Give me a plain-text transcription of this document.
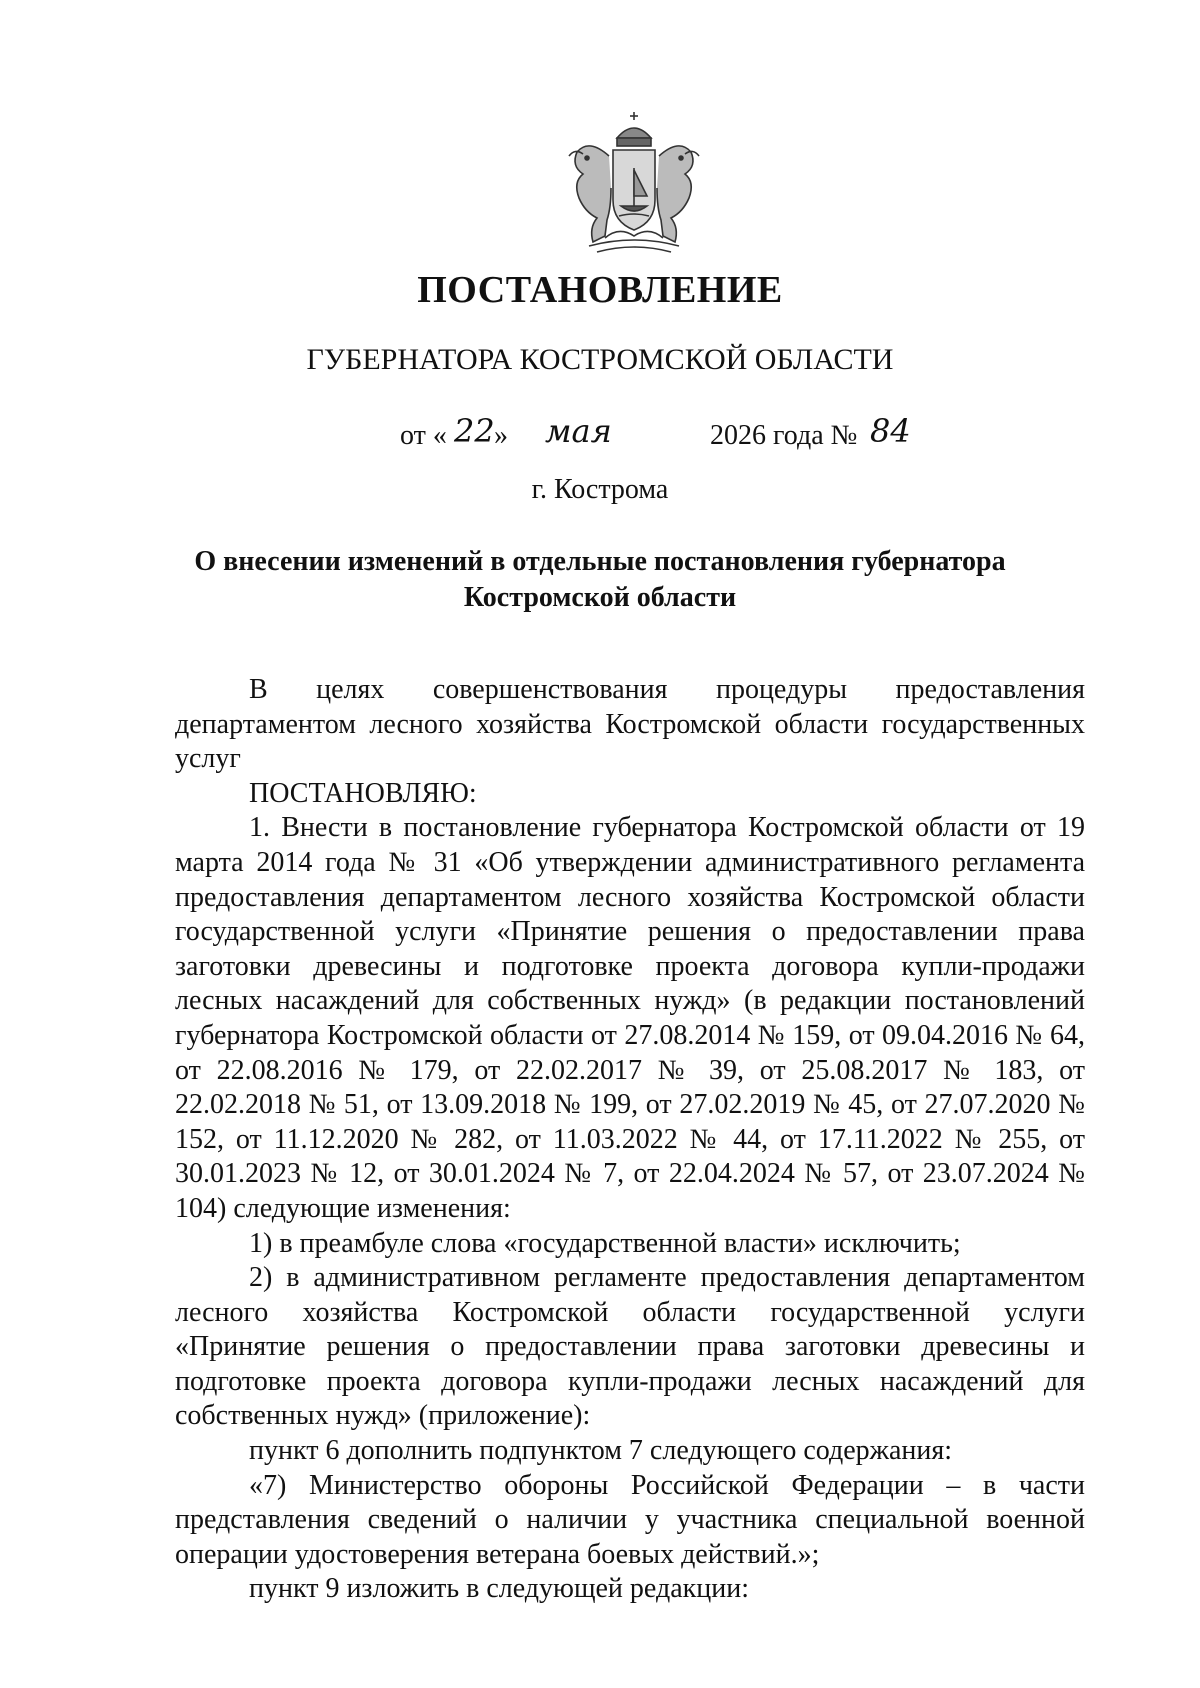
ПОСТАНОВЛЕНИЕ
ГУБЕРНАТОРА КОСТРОМСКОЙ ОБЛАСТИ
от « 22 » мая	2026 года № 84
г. Кострома
О внесении изменений в отдельные постановления губернатора
Костромской области

В целях совершенствования процедуры предоставления департаментом лесного хозяйства Костромской области государственных услуг

ПОСТАНОВЛЯЮ:

1. Внести в постановление губернатора Костромской области от 19 марта 2014 года № 31 «Об утверждении административного регламента предоставления департаментом лесного хозяйства Костромской области государственной услуги «Принятие решения о предоставлении права заготовки древесины и подготовке проекта договора купли-продажи лесных насаждений для собственных нужд» (в редакции постановлений губернатора Костромской области от 27.08.2014 № 159, от 09.04.2016 № 64, от 22.08.2016 № 179, от 22.02.2017 № 39, от 25.08.2017 № 183, от 22.02.2018 № 51, от 13.09.2018 № 199, от 27.02.2019 № 45, от 27.07.2020 № 152, от 11.12.2020 № 282, от 11.03.2022 № 44, от 17.11.2022 № 255, от 30.01.2023 № 12, от 30.01.2024 № 7, от 22.04.2024 № 57, от 23.07.2024 № 104) следующие изменения:

1) в преамбуле слова «государственной власти» исключить;

2) в административном регламенте предоставления департаментом лесного хозяйства Костромской области государственной услуги «Принятие решения о предоставлении права заготовки древесины и подготовке проекта договора купли-продажи лесных насаждений для собственных нужд» (приложение):

пункт 6 дополнить подпунктом 7 следующего содержания:

«7) Министерство обороны Российской Федерации – в части представления сведений о наличии у участника специальной военной операции удостоверения ветерана боевых действий.»;

пункт 9 изложить в следующей редакции:
